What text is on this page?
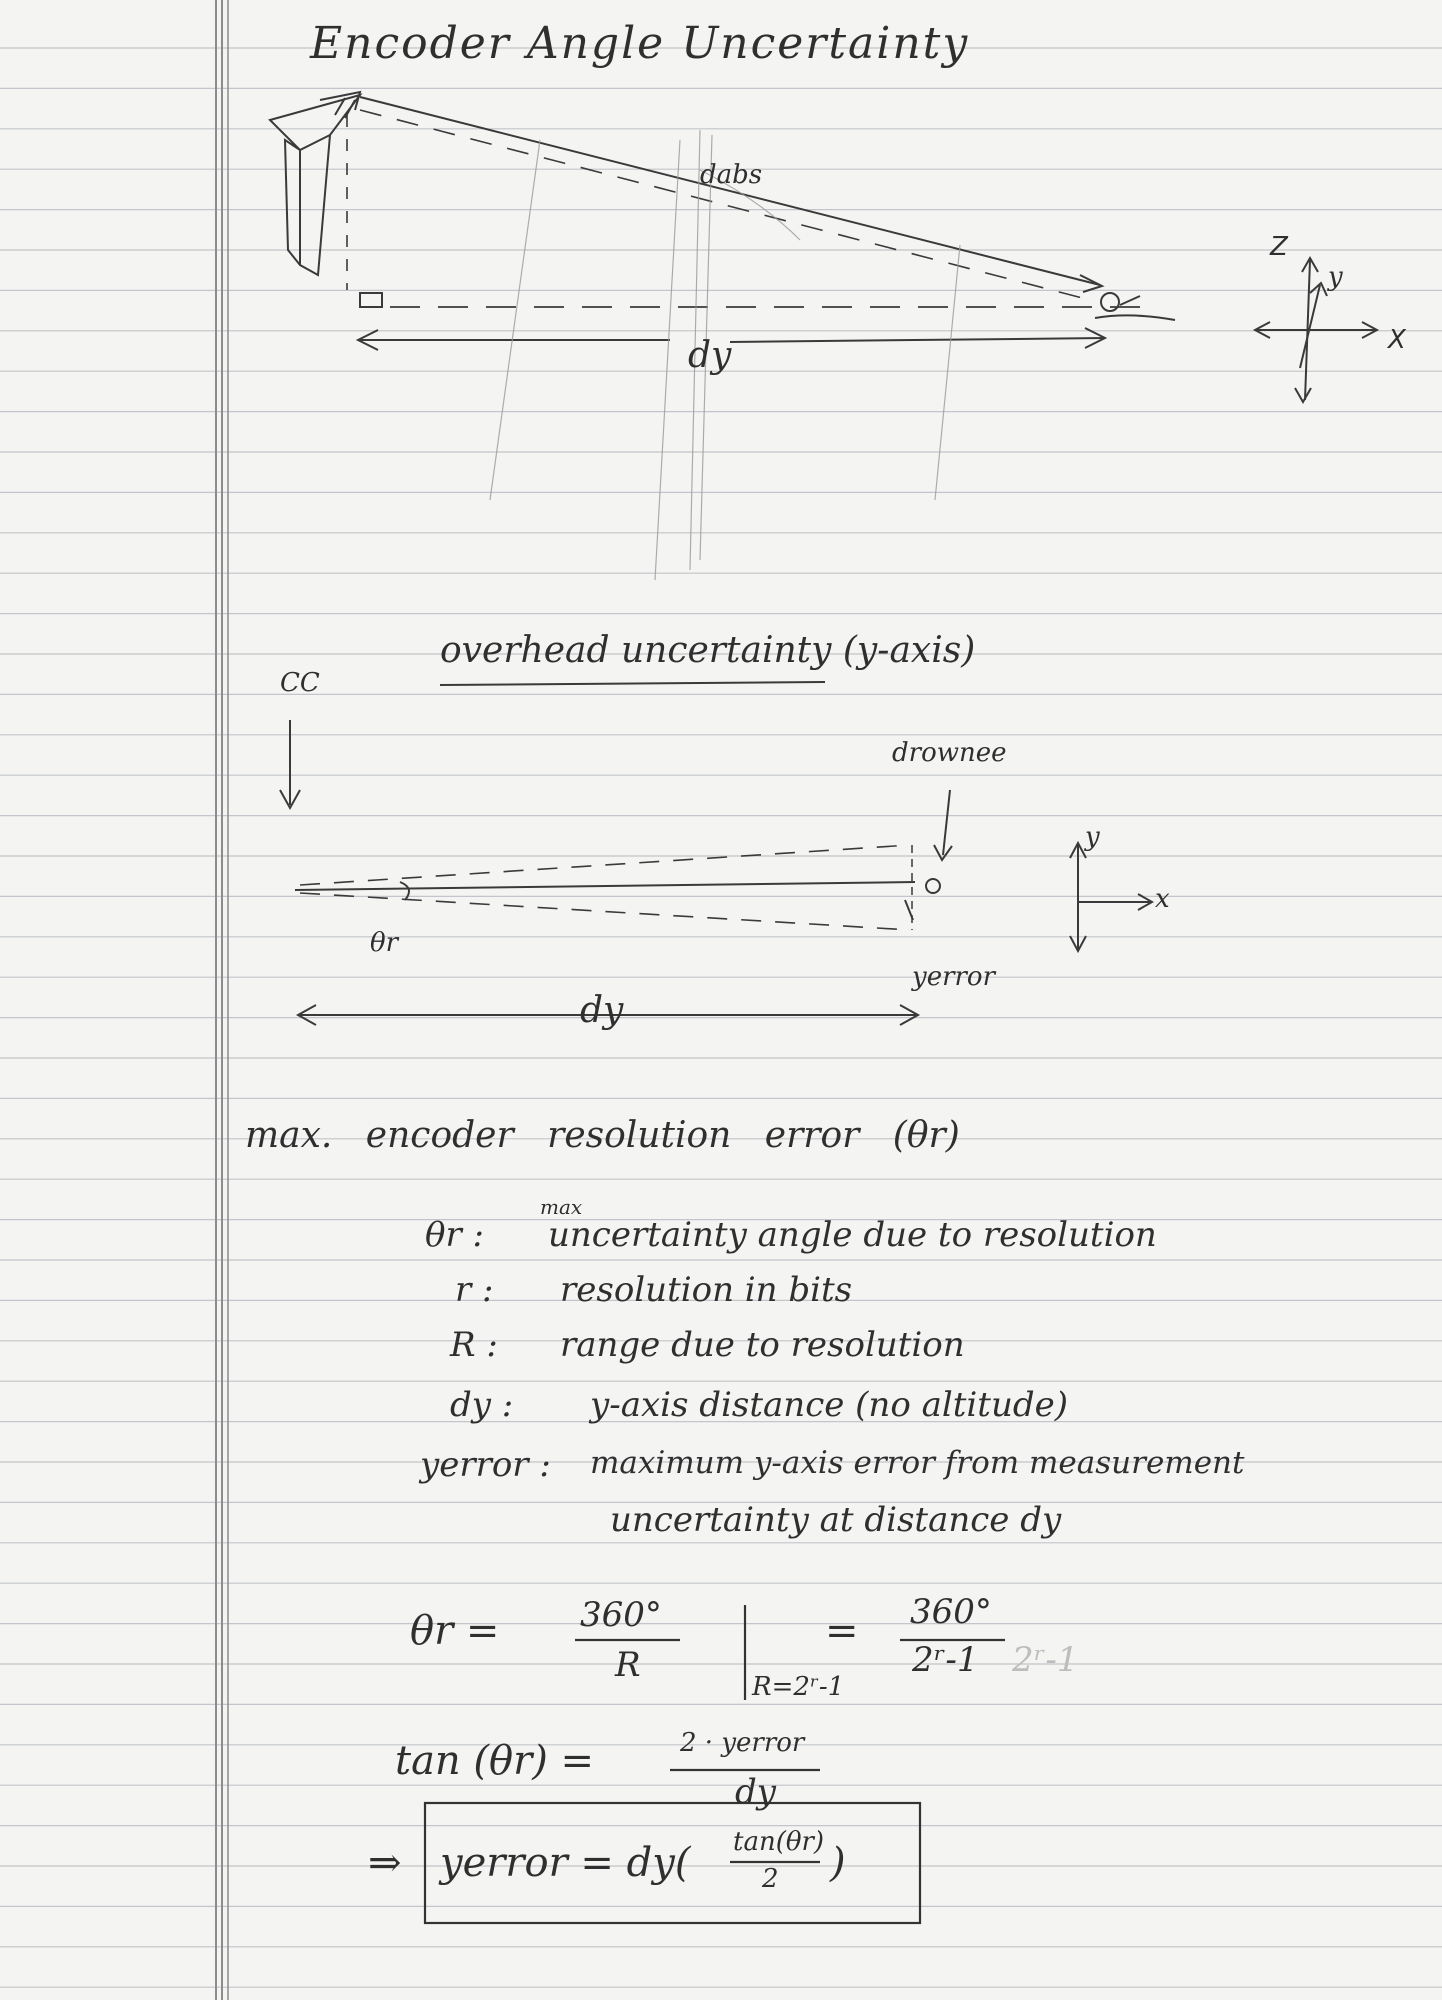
Encoder Angle Uncertainty
dabs
dy
Z
y
X
overhead uncertainty (y-axis)
CC
drownee
θr
yerror
dy
y
x
max. encoder resolution error (θr)
max
θr : uncertainty angle due to resolution
r : resolution in bits
R : range due to resolution
dy : y-axis distance (no altitude)
yerror : maximum y-axis error from measurement
uncertainty at distance dy
θr = 360°
R
R=2ʳ-1
= 360°
2ʳ-1 2ʳ-1
tan (θr) =	2 · yerror
dy
⇒ yerror = dy( tan(θr)
2 )
